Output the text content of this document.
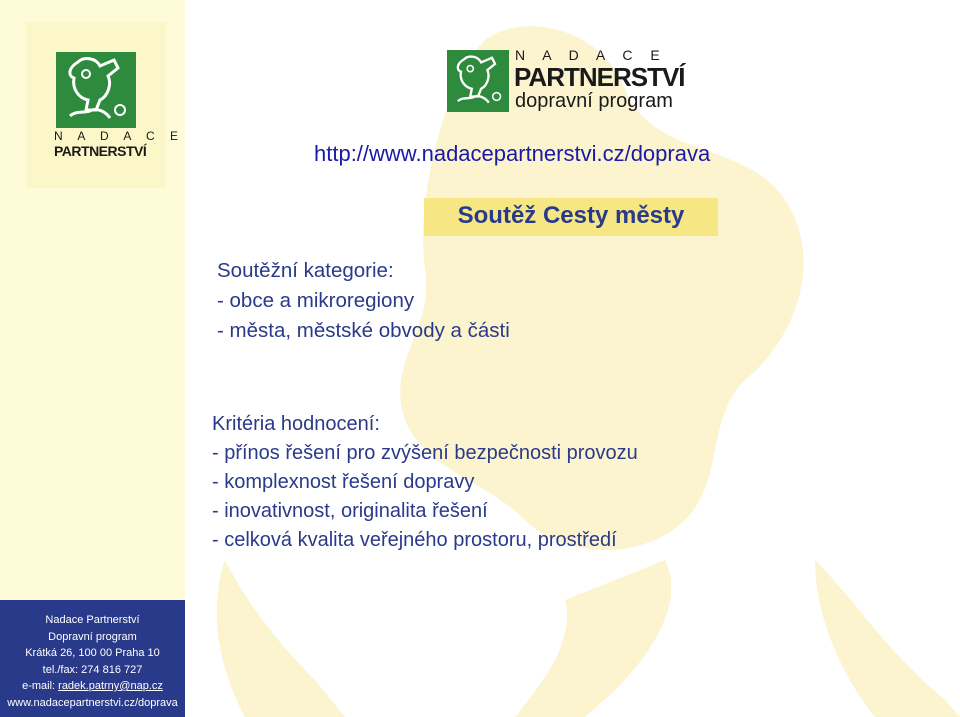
N A D A C E
PARTNERSTVÍ
Nadace Partnerství
Dopravní program
Krátká 26, 100 00 Praha 10
tel./fax: 274 816 727
e-mail: radek.patrny@nap.cz
www.nadacepartnerstvi.cz/doprava
N A D A C E
PARTNERSTVÍ
dopravní program
http://www.nadacepartnerstvi.cz/doprava
Soutěž Cesty městy
Soutěžní kategorie:
- obce a mikroregiony
- města, městské obvody a části
Kritéria hodnocení:
- přínos řešení pro zvýšení bezpečnosti provozu
- komplexnost řešení dopravy
- inovativnost, originalita řešení
- celková kvalita veřejného prostoru, prostředí
